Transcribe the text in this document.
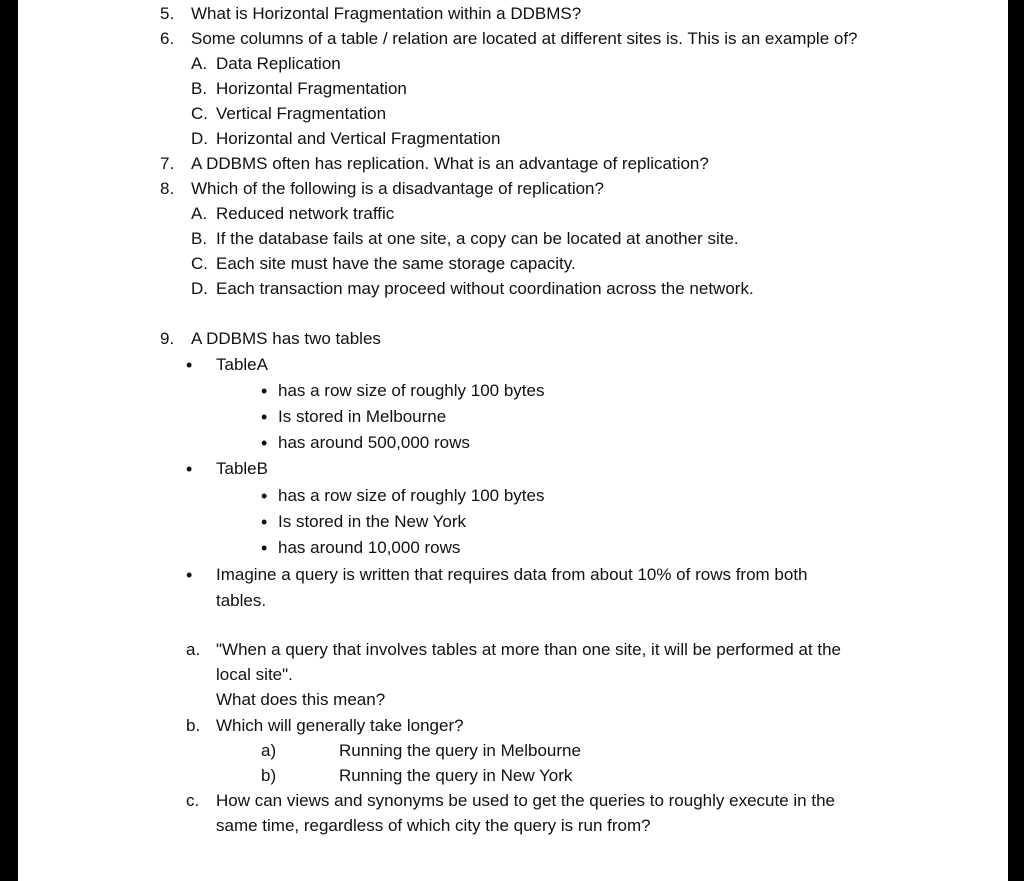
5. What is Horizontal Fragmentation within a DDBMS?
6. Some columns of a table / relation are located at different sites is. This is an example of?
A. Data Replication
B. Horizontal Fragmentation
C. Vertical Fragmentation
D. Horizontal and Vertical Fragmentation
7. A DDBMS often has replication. What is an advantage of replication?
8. Which of the following is a disadvantage of replication?
A. Reduced network traffic
B. If the database fails at one site, a copy can be located at another site.
C. Each site must have the same storage capacity.
D. Each transaction may proceed without coordination across the network.
9. A DDBMS has two tables
• TableA
• has a row size of roughly 100 bytes
• Is stored in Melbourne
• has around 500,000 rows
• TableB
• has a row size of roughly 100 bytes
• Is stored in the New York
• has around 10,000 rows
• Imagine a query is written that requires data from about 10% of rows from both
tables.
a. "When a query that involves tables at more than one site, it will be performed at the
local site".
What does this mean?
b. Which will generally take longer?
a)	Running the query in Melbourne
b)	Running the query in New York
c. How can views and synonyms be used to get the queries to roughly execute in the
same time, regardless of which city the query is run from?
